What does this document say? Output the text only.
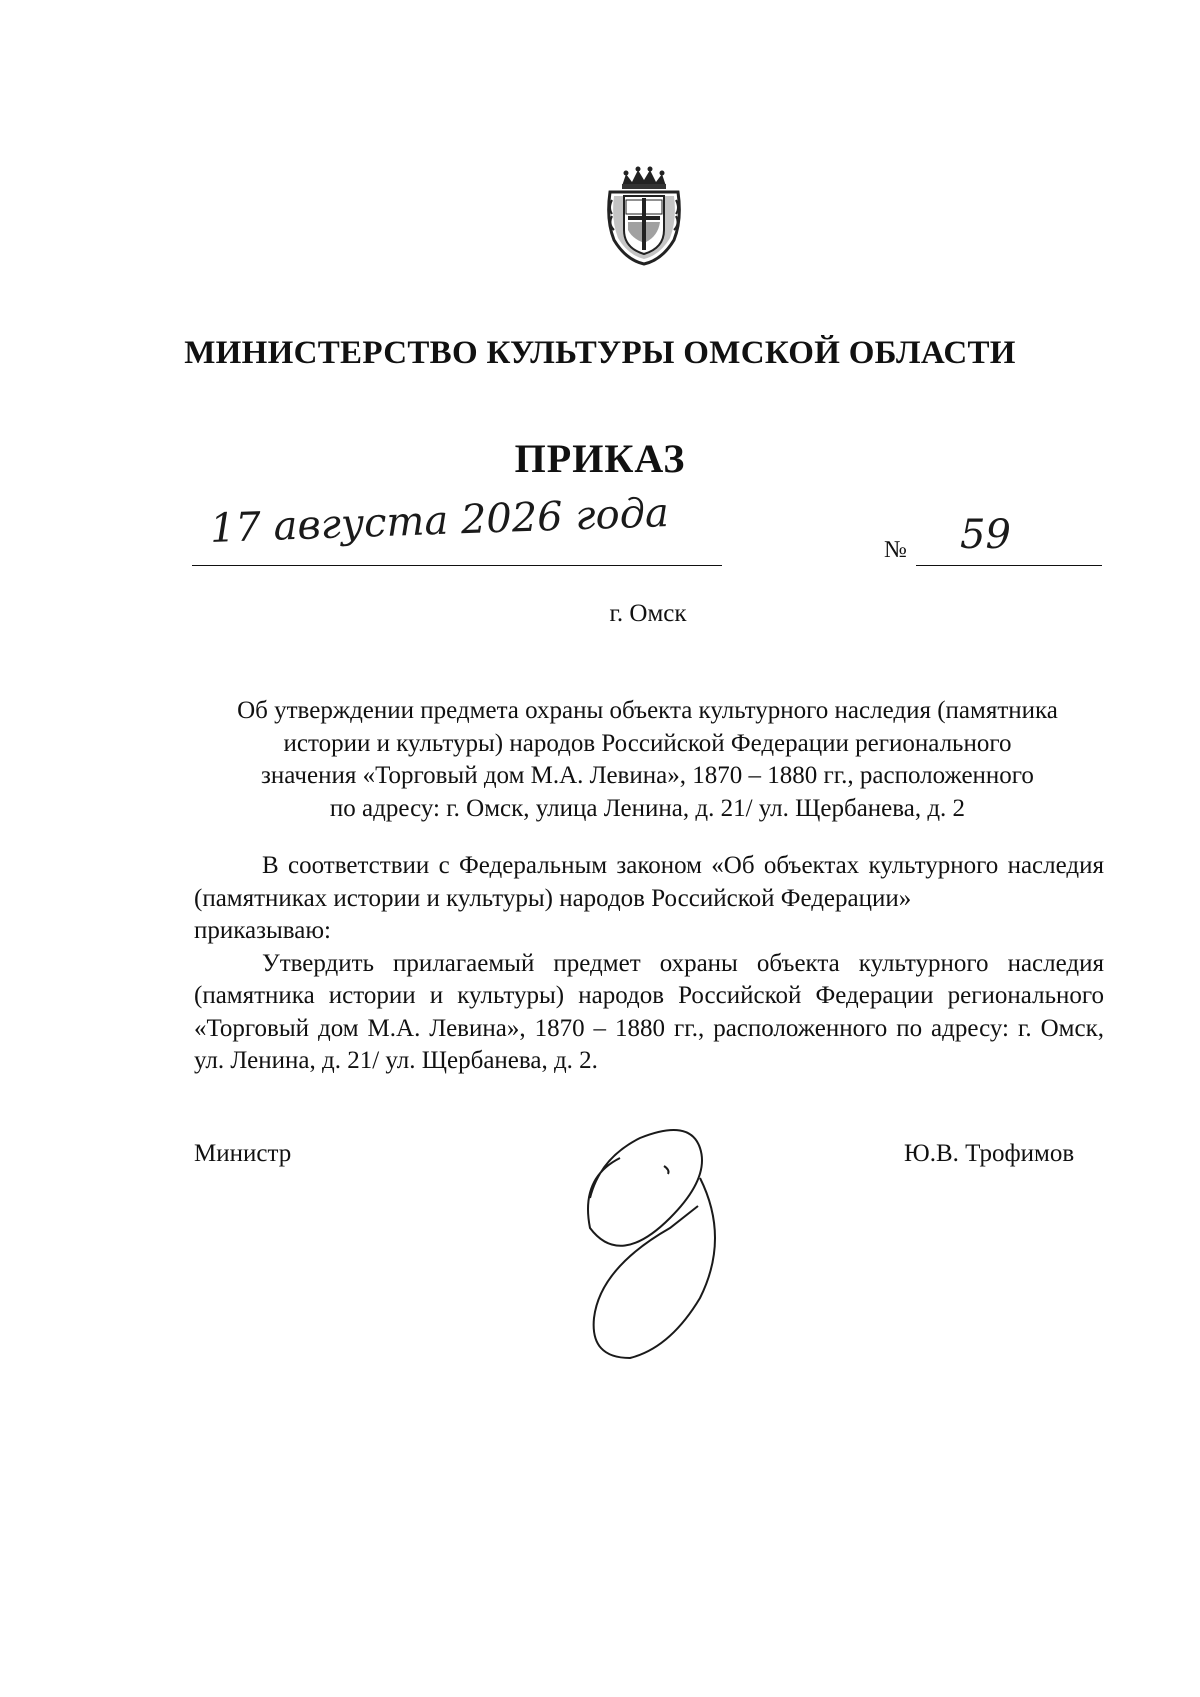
МИНИСТЕРСТВО КУЛЬТУРЫ ОМСКОЙ ОБЛАСТИ
ПРИКАЗ
17 августа 2026 года	№ 59
г. Омск
Об утверждении предмета охраны объекта культурного наследия (памятника
истории и культуры) народов Российской Федерации регионального
значения «Торговый дом М.А. Левина», 1870 – 1880 гг., расположенного
по адресу: г. Омск, улица Ленина, д. 21/ ул. Щербанева, д. 2

В соответствии с Федеральным законом «Об объектах культурного наследия (памятниках истории и культуры) народов Российской Федерации»

приказываю:

Утвердить прилагаемый предмет охраны объекта культурного наследия (памятника истории и культуры) народов Российской Федерации регионального «Торговый дом М.А. Левина», 1870 – 1880 гг., расположенного по адресу: г. Омск, ул. Ленина, д. 21/ ул. Щербанева, д. 2.

Министр	Ю.В. Трофимов
